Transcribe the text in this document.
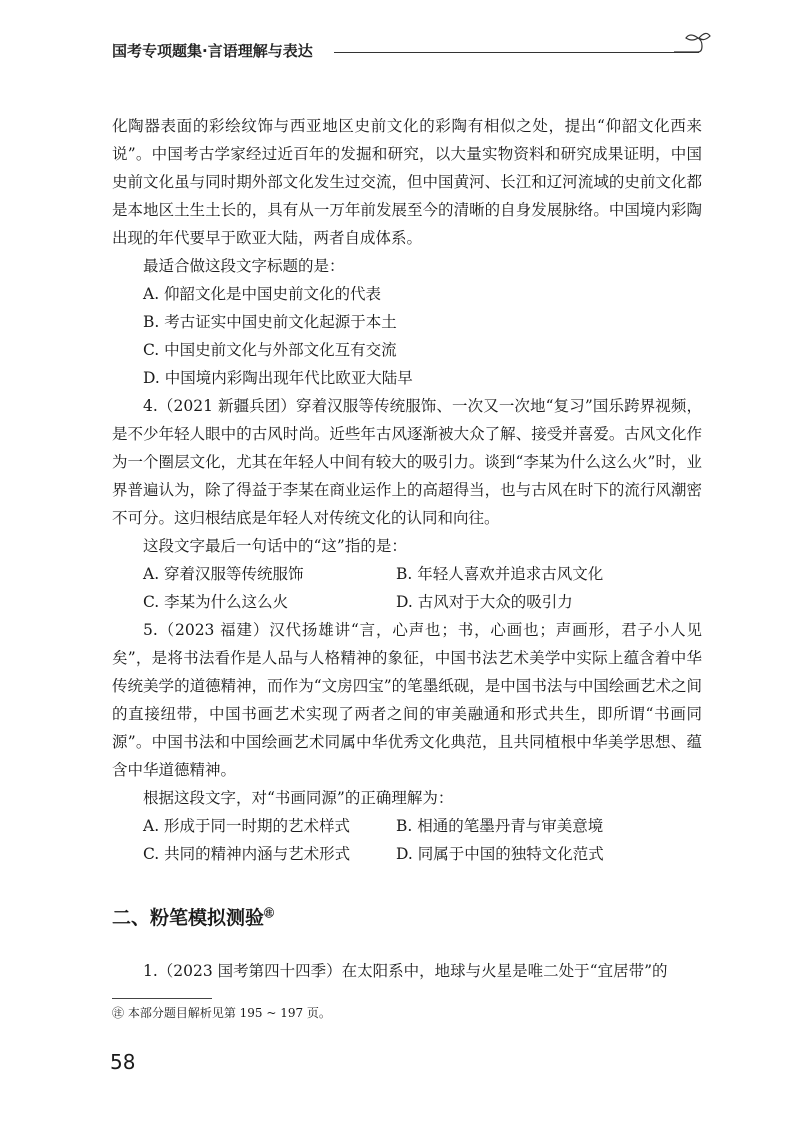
国考专项题集·言语理解与表达

化陶器表面的彩绘纹饰与西亚地区史前文化的彩陶有相似之处，提出“仰韶文化西来说”。中国考古学家经过近百年的发掘和研究，以大量实物资料和研究成果证明，中国史前文化虽与同时期外部文化发生过交流，但中国黄河、长江和辽河流域的史前文化都是本地区土生土长的，具有从一万年前发展至今的清晰的自身发展脉络。中国境内彩陶出现的年代要早于欧亚大陆，两者自成体系。

最适合做这段文字标题的是：

A. 仰韶文化是中国史前文化的代表

B. 考古证实中国史前文化起源于本土

C. 中国史前文化与外部文化互有交流

D. 中国境内彩陶出现年代比欧亚大陆早

4.（2021 新疆兵团）穿着汉服等传统服饰、一次又一次地“复习”国乐跨界视频，是不少年轻人眼中的古风时尚。近些年古风逐渐被大众了解、接受并喜爱。古风文化作为一个圈层文化，尤其在年轻人中间有较大的吸引力。谈到“李某为什么这么火”时，业界普遍认为，除了得益于李某在商业运作上的高超得当，也与古风在时下的流行风潮密不可分。这归根结底是年轻人对传统文化的认同和向往。

这段文字最后一句话中的“这”指的是：

A. 穿着汉服等传统服饰	B. 年轻人喜欢并追求古风文化
C. 李某为什么这么火	D. 古风对于大众的吸引力

5.（2023 福建）汉代扬雄讲“言，心声也；书，心画也；声画形，君子小人见矣”，是将书法看作是人品与人格精神的象征，中国书法艺术美学中实际上蕴含着中华传统美学的道德精神，而作为“文房四宝”的笔墨纸砚，是中国书法与中国绘画艺术之间的直接纽带，中国书画艺术实现了两者之间的审美融通和形式共生，即所谓“书画同源”。中国书法和中国绘画艺术同属中华优秀文化典范，且共同植根中华美学思想、蕴含中华道德精神。

根据这段文字，对“书画同源”的正确理解为：

A. 形成于同一时期的艺术样式	B. 相通的笔墨丹青与审美意境
C. 共同的精神内涵与艺术形式	D. 同属于中国的独特文化范式
二、粉笔模拟测验㊟
1.（2023 国考第四十四季）在太阳系中，地球与火星是唯二处于“宜居带”的
㊟ 本部分题目解析见第 195 ~ 197 页。
58
